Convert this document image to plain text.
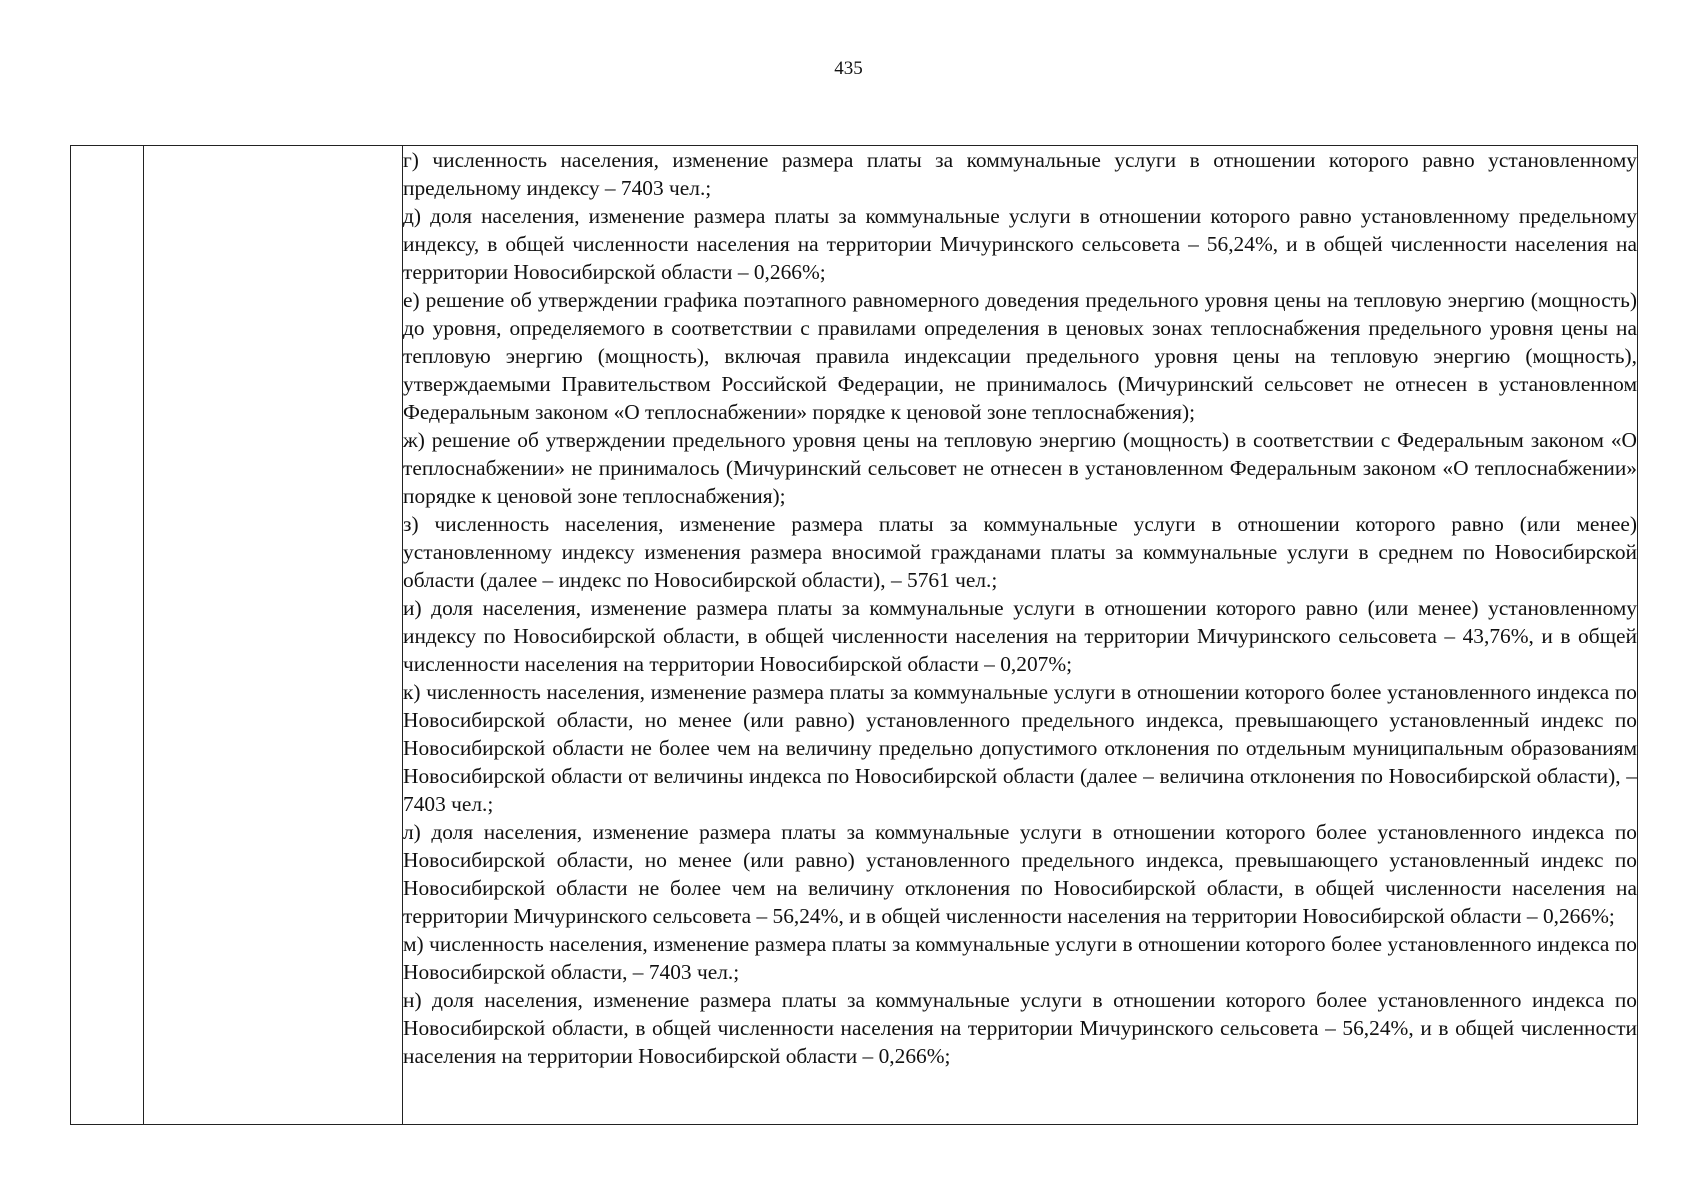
435

г) численность населения, изменение размера платы за коммунальные услуги в отношении которого равно установленному предельному индексу – 7403 чел.;

д) доля населения, изменение размера платы за коммунальные услуги в отношении которого равно установленному предельному индексу, в общей численности населения на территории Мичуринского сельсовета – 56,24%, и в общей численности населения на территории Новосибирской области – 0,266%;

е) решение об утверждении графика поэтапного равномерного доведения предельного уровня цены на тепловую энергию (мощность) до уровня, определяемого в соответствии с правилами определения в ценовых зонах теплоснабжения предельного уровня цены на тепловую энергию (мощность), включая правила индексации предельного уровня цены на тепловую энергию (мощность), утверждаемыми Правительством Российской Федерации, не принималось (Мичуринский сельсовет не отнесен в установленном Федеральным законом «О теплоснабжении» порядке к ценовой зоне теплоснабжения);

ж) решение об утверждении предельного уровня цены на тепловую энергию (мощность) в соответствии с Федеральным законом «О теплоснабжении» не принималось (Мичуринский сельсовет не отнесен в установленном Федеральным законом «О теплоснабжении» порядке к ценовой зоне теплоснабжения);

з) численность населения, изменение размера платы за коммунальные услуги в отношении которого равно (или менее) установленному индексу изменения размера вносимой гражданами платы за коммунальные услуги в среднем по Новосибирской области (далее – индекс по Новосибирской области), – 5761 чел.;

и) доля населения, изменение размера платы за коммунальные услуги в отношении которого равно (или менее) установленному индексу по Новосибирской области, в общей численности населения на территории Мичуринского сельсовета – 43,76%, и в общей численности населения на территории Новосибирской области – 0,207%;

к) численность населения, изменение размера платы за коммунальные услуги в отношении которого более установленного индекса по Новосибирской области, но менее (или равно) установленного предельного индекса, превышающего установленный индекс по Новосибирской области не более чем на величину предельно допустимого отклонения по отдельным муниципальным образованиям Новосибирской области от величины индекса по Новосибирской области (далее – величина отклонения по Новосибирской области), – 7403 чел.;

л) доля населения, изменение размера платы за коммунальные услуги в отношении которого более установленного индекса по Новосибирской области, но менее (или равно) установленного предельного индекса, превышающего установленный индекс по Новосибирской области не более чем на величину отклонения по Новосибирской области, в общей численности населения на территории Мичуринского сельсовета – 56,24%, и в общей численности населения на территории Новосибирской области – 0,266%;

м) численность населения, изменение размера платы за коммунальные услуги в отношении которого более установленного индекса по Новосибирской области, – 7403 чел.;

н) доля населения, изменение размера платы за коммунальные услуги в отношении которого более установленного индекса по Новосибирской области, в общей численности населения на территории Мичуринского сельсовета – 56,24%, и в общей численности населения на территории Новосибирской области – 0,266%;
